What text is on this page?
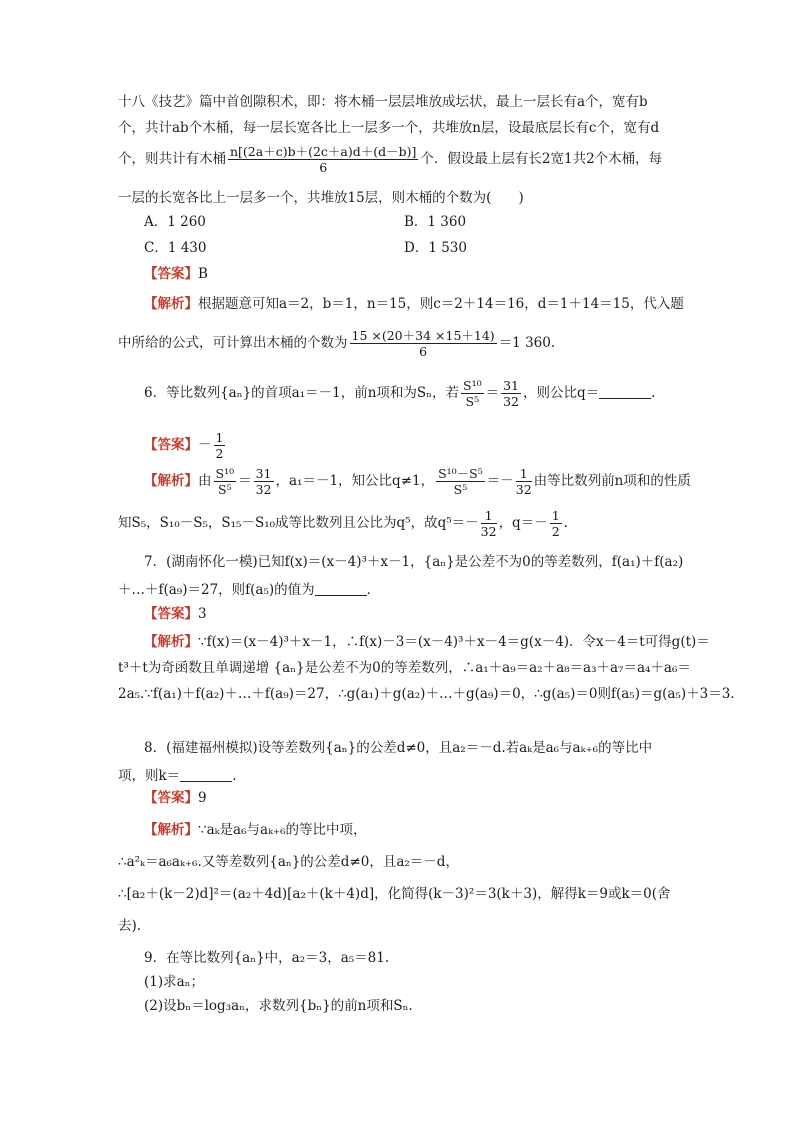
十八《技艺》篇中首创隙积术，即：将木桶一层层堆放成坛状，最上一层长有a个，宽有b
个，共计ab个木桶，每一层长宽各比上一层多一个，共堆放n层，设最底层长有c个，宽有d
个，则共计有木桶 $\frac{n[(2a+c)b+(2c+a)d+(d-b)]}{6}$ 个．假设最上层有长2宽1共2个木桶，每
一层的长宽各比上一层多一个，共堆放15层，则木桶的个数为(　　)
A．1 260	B．1 360
C．1 430	D．1 530
【答案】B
【解析】根据题意可知a＝2，b＝1，n＝15，则c＝2＋14＝16，d＝1＋14＝15，代入题
中所给的公式，可计算出木桶的个数为 $\frac{15 \times(20+34 \times 15+14)}{6} =1$ 360.
6．等比数列{aₙ}的首项a₁＝－1，前n项和为Sₙ，若 $\frac{\text{S¹⁰}}{\text{S⁵}} = \frac{31}{32}$ ，则公比q＝	.
【答案】－ $\frac{1}{2}$
【解析】由 $\frac{\text{S¹⁰}}{\text{S⁵}} = \frac{31}{32}$ ，a₁＝－1，知公比q≠1， $\frac{\text{S¹⁰－S⁵}}{\text{S⁵}} =- \frac{1}{32}$ 由等比数列前n项和的性质
知S₅，S₁₀－S₅，S₁₅－S₁₀成等比数列且公比为q⁵，故$q^5=- \frac{1}{32}$ ，$q=- \frac{1}{2}$ .
7．(湖南怀化一模)已知f(x)＝(x－4)³＋x－1，{aₙ}是公差不为0的等差数列，f(a₁)＋f(a₂)
＋…＋f(a₉)＝27，则f(a₅)的值为	．
【答案】3
【解析】∵f(x)＝(x－4)³＋x－1，∴f(x)－3＝(x－4)³＋x－4＝g(x－4)．令x－4＝t可得g(t)＝
t³＋t为奇函数且单调递增 {aₙ}是公差不为0的等差数列，∴a₁＋a₉＝a₂＋a₈＝a₃＋a₇＝a₄＋a₆＝
2a₅.∵f(a₁)＋f(a₂)＋…＋f(a₉)＝27，∴g(a₁)＋g(a₂)＋…＋g(a₉)＝0，∴g(a₅)＝0则f(a₅)＝g(a₅)＋3＝3.
8．(福建福州模拟)设等差数列{aₙ}的公差d≠0，且a₂＝－d.若aₖ是a₆与aₖ₊₆的等比中
项，则k＝	.
【答案】9
【解析】∵aₖ是a₆与aₖ₊₆的等比中项，
∴a²ₖ＝a₆aₖ₊₆.又等差数列{aₙ}的公差d≠0，且a₂＝－d，
∴[a₂＋(k－2)d]²＝(a₂＋4d)[a₂＋(k＋4)d]，化简得(k－3)²＝3(k＋3)，解得k＝9或k＝0(舍
去).
9．在等比数列{aₙ}中，a₂＝3，a₅＝81.
(1)求aₙ；
(2)设bₙ＝log₃aₙ，求数列{bₙ}的前n项和Sₙ.
